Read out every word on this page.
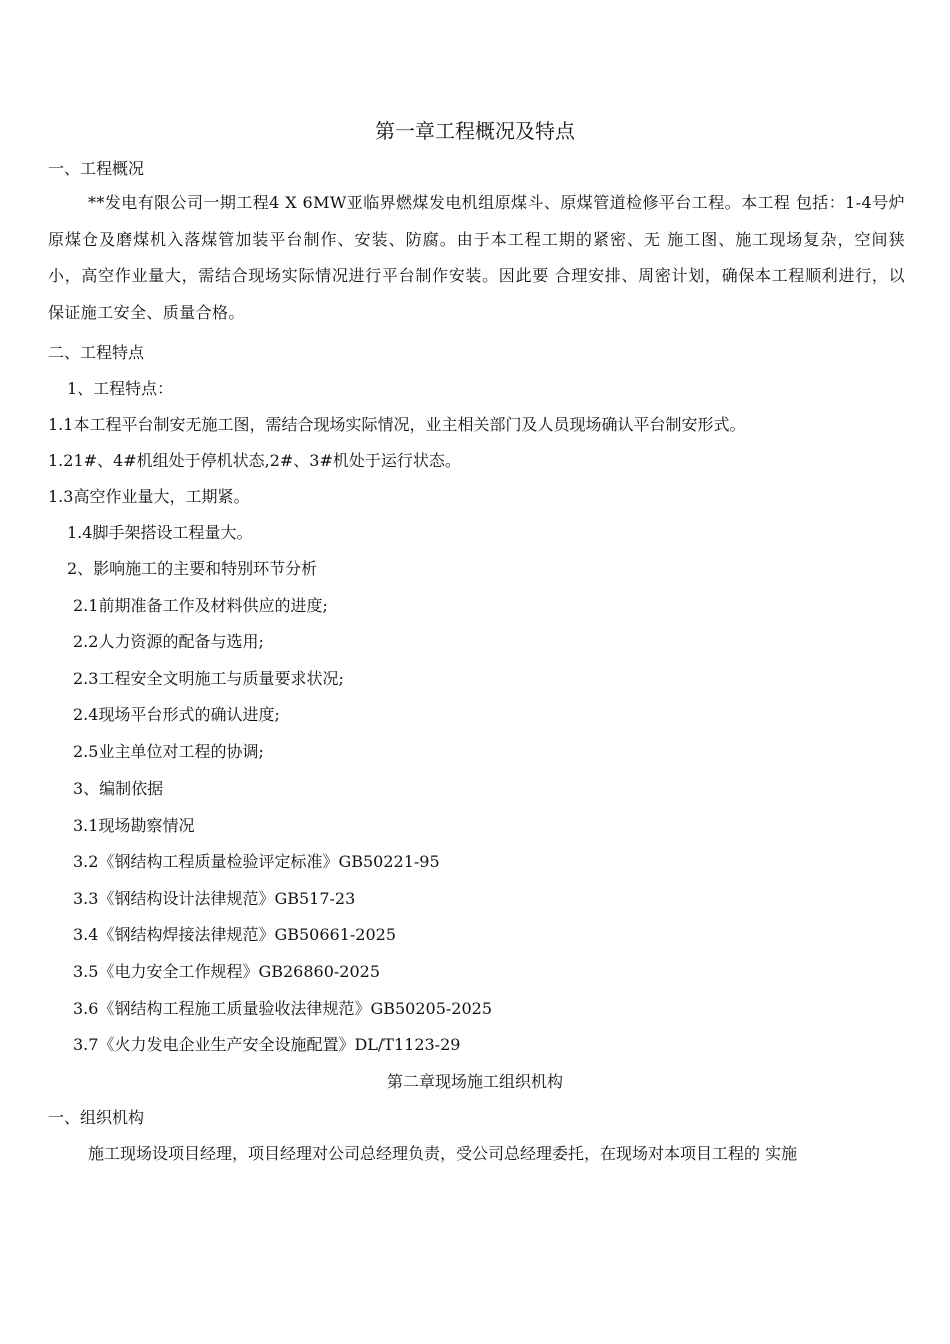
第一章工程概况及特点
一、工程概况
**发电有限公司一期工程4 X 6MW亚临界燃煤发电机组原煤斗、原煤管道检修平台工程。本工程 包括：1-4号炉原煤仓及磨煤机入落煤管加装平台制作、安装、防腐。由于本工程工期的紧密、无 施工图、施工现场复杂，空间狭小，高空作业量大，需结合现场实际情况进行平台制作安装。因此要 合理安排、周密计划，确保本工程顺利进行，以保证施工安全、质量合格。
二、工程特点
1、工程特点：
1.1本工程平台制安无施工图，需结合现场实际情况，业主相关部门及人员现场确认平台制安形式。
1.21#、4#机组处于停机状态,2#、3#机处于运行状态。
1.3高空作业量大，工期紧。
1.4脚手架搭设工程量大。
2、影响施工的主要和特别环节分析
2.1前期准备工作及材料供应的进度;
2.2人力资源的配备与选用;
2.3工程安全文明施工与质量要求状况;
2.4现场平台形式的确认进度;
2.5业主单位对工程的协调;
3、编制依据
3.1现场勘察情况
3.2《钢结构工程质量检验评定标准》GB50221-95
3.3《钢结构设计法律规范》GB517-23
3.4《钢结构焊接法律规范》GB50661-2025
3.5《电力安全工作规程》GB26860-2025
3.6《钢结构工程施工质量验收法律规范》GB50205-2025
3.7《火力发电企业生产安全设施配置》DL/T1123-29
第二章现场施工组织机构
一、组织机构
施工现场设项目经理，项目经理对公司总经理负责，受公司总经理委托，在现场对本项目工程的 实施
